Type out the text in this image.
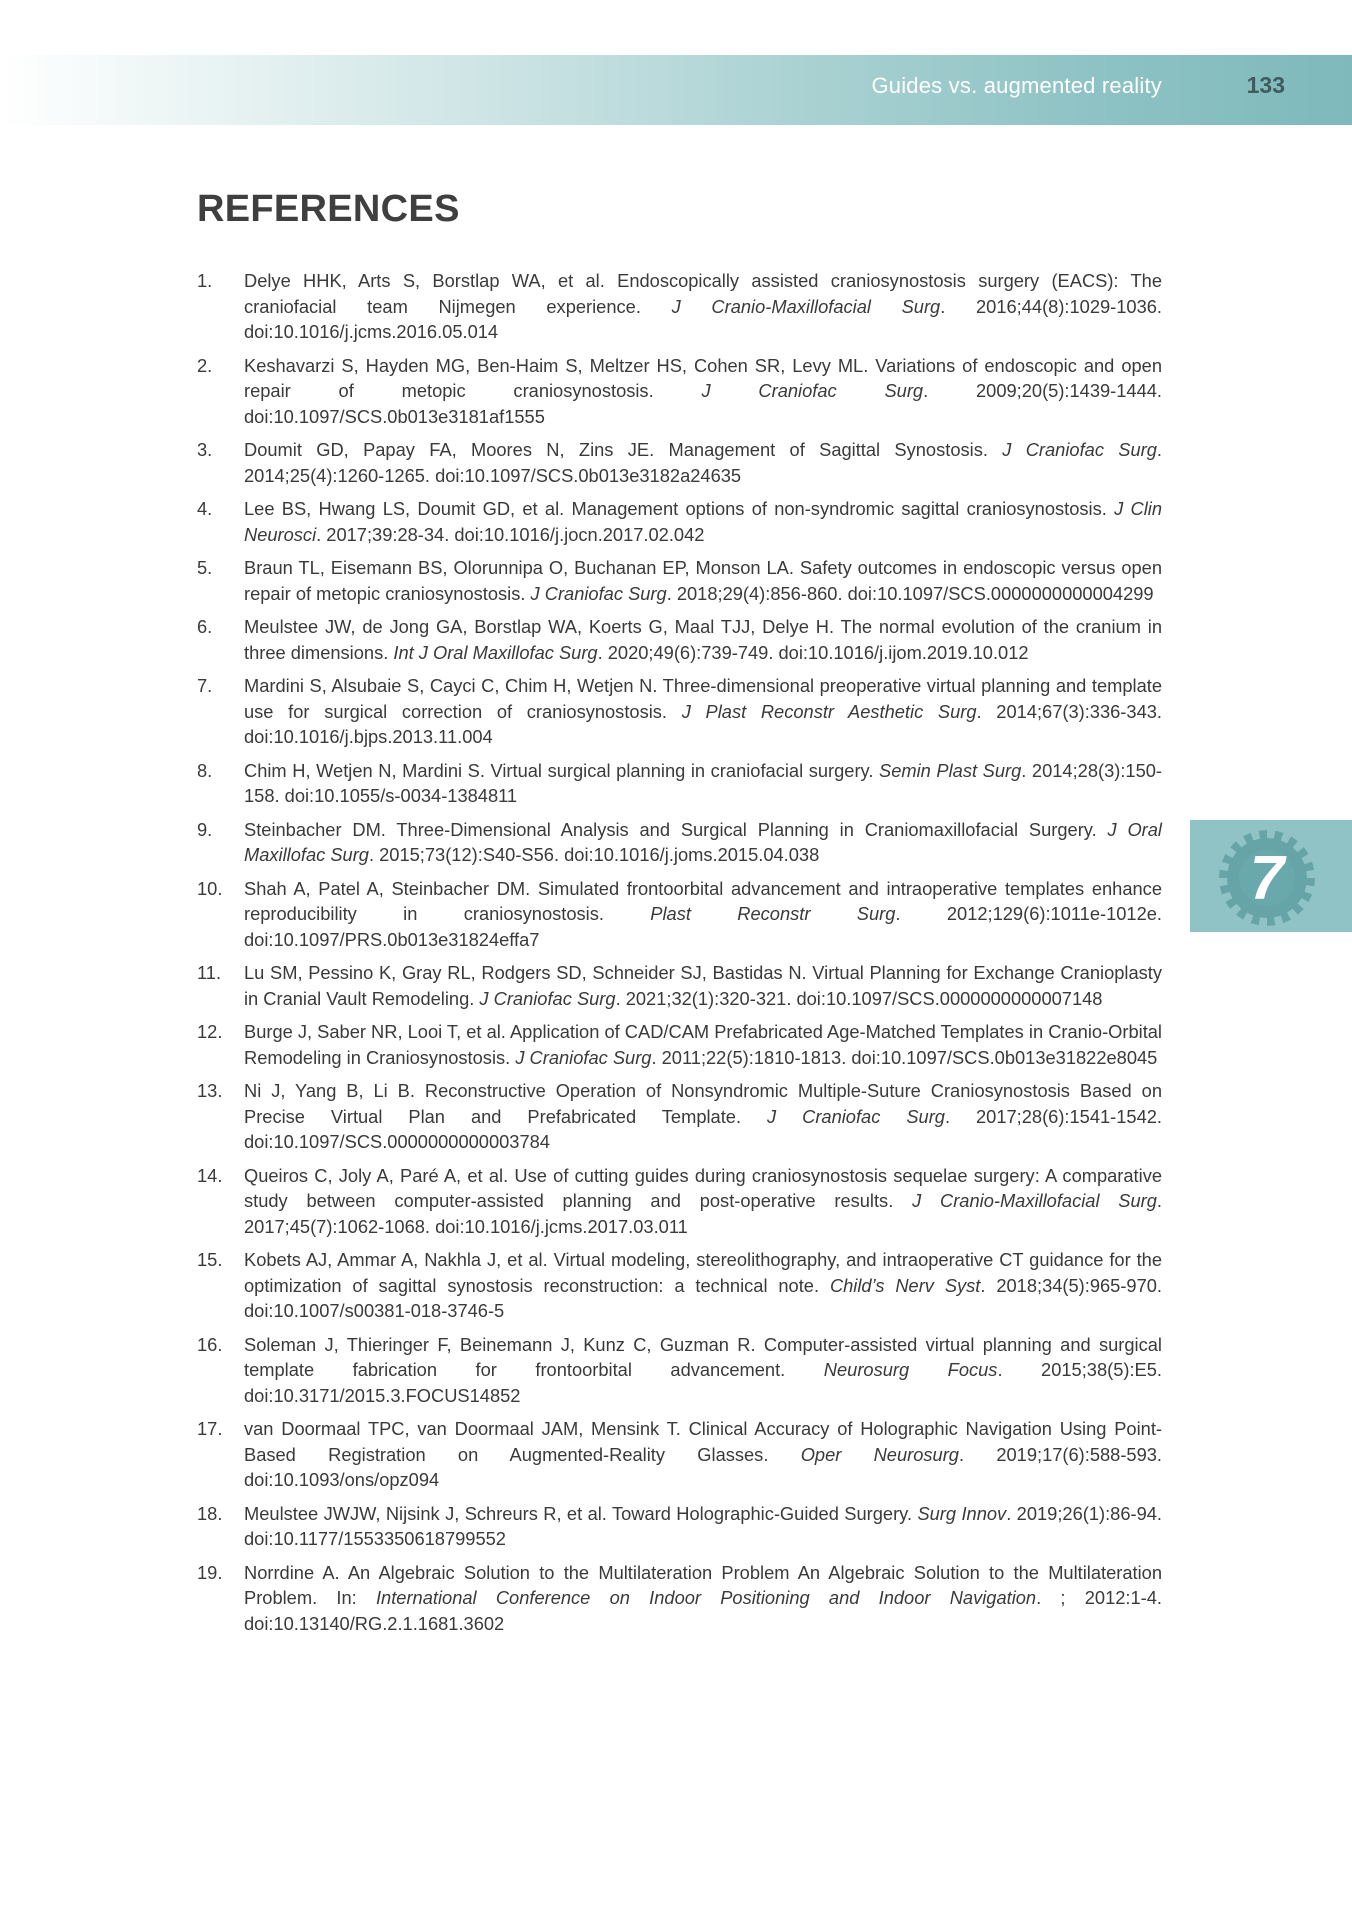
Guides vs. augmented reality	133
REFERENCES
1. Delye HHK, Arts S, Borstlap WA, et al. Endoscopically assisted craniosynostosis surgery (EACS): The craniofacial team Nijmegen experience. J Cranio-Maxillofacial Surg. 2016;44(8):1029-1036. doi:10.1016/j.jcms.2016.05.014
2. Keshavarzi S, Hayden MG, Ben-Haim S, Meltzer HS, Cohen SR, Levy ML. Variations of endoscopic and open repair of metopic craniosynostosis. J Craniofac Surg. 2009;20(5):1439-1444. doi:10.1097/SCS.0b013e3181af1555
3. Doumit GD, Papay FA, Moores N, Zins JE. Management of Sagittal Synostosis. J Craniofac Surg. 2014;25(4):1260-1265. doi:10.1097/SCS.0b013e3182a24635
4. Lee BS, Hwang LS, Doumit GD, et al. Management options of non-syndromic sagittal craniosynostosis. J Clin Neurosci. 2017;39:28-34. doi:10.1016/j.jocn.2017.02.042
5. Braun TL, Eisemann BS, Olorunnipa O, Buchanan EP, Monson LA. Safety outcomes in endoscopic versus open repair of metopic craniosynostosis. J Craniofac Surg. 2018;29(4):856-860. doi:10.1097/SCS.0000000000004299
6. Meulstee JW, de Jong GA, Borstlap WA, Koerts G, Maal TJJ, Delye H. The normal evolution of the cranium in three dimensions. Int J Oral Maxillofac Surg. 2020;49(6):739-749. doi:10.1016/j.ijom.2019.10.012
7. Mardini S, Alsubaie S, Cayci C, Chim H, Wetjen N. Three-dimensional preoperative virtual planning and template use for surgical correction of craniosynostosis. J Plast Reconstr Aesthetic Surg. 2014;67(3):336-343. doi:10.1016/j.bjps.2013.11.004
8. Chim H, Wetjen N, Mardini S. Virtual surgical planning in craniofacial surgery. Semin Plast Surg. 2014;28(3):150-158. doi:10.1055/s-0034-1384811
9. Steinbacher DM. Three-Dimensional Analysis and Surgical Planning in Craniomaxillofacial Surgery. J Oral Maxillofac Surg. 2015;73(12):S40-S56. doi:10.1016/j.joms.2015.04.038
10. Shah A, Patel A, Steinbacher DM. Simulated frontoorbital advancement and intraoperative templates enhance reproducibility in craniosynostosis. Plast Reconstr Surg. 2012;129(6):1011e-1012e. doi:10.1097/PRS.0b013e31824effa7
11. Lu SM, Pessino K, Gray RL, Rodgers SD, Schneider SJ, Bastidas N. Virtual Planning for Exchange Cranioplasty in Cranial Vault Remodeling. J Craniofac Surg. 2021;32(1):320-321. doi:10.1097/SCS.0000000000007148
12. Burge J, Saber NR, Looi T, et al. Application of CAD/CAM Prefabricated Age-Matched Templates in Cranio-Orbital Remodeling in Craniosynostosis. J Craniofac Surg. 2011;22(5):1810-1813. doi:10.1097/SCS.0b013e31822e8045
13. Ni J, Yang B, Li B. Reconstructive Operation of Nonsyndromic Multiple-Suture Craniosynostosis Based on Precise Virtual Plan and Prefabricated Template. J Craniofac Surg. 2017;28(6):1541-1542. doi:10.1097/SCS.0000000000003784
14. Queiros C, Joly A, Paré A, et al. Use of cutting guides during craniosynostosis sequelae surgery: A comparative study between computer-assisted planning and post-operative results. J Cranio-Maxillofacial Surg. 2017;45(7):1062-1068. doi:10.1016/j.jcms.2017.03.011
15. Kobets AJ, Ammar A, Nakhla J, et al. Virtual modeling, stereolithography, and intraoperative CT guidance for the optimization of sagittal synostosis reconstruction: a technical note. Child’s Nerv Syst. 2018;34(5):965-970. doi:10.1007/s00381-018-3746-5
16. Soleman J, Thieringer F, Beinemann J, Kunz C, Guzman R. Computer-assisted virtual planning and surgical template fabrication for frontoorbital advancement. Neurosurg Focus. 2015;38(5):E5. doi:10.3171/2015.3.FOCUS14852
17. van Doormaal TPC, van Doormaal JAM, Mensink T. Clinical Accuracy of Holographic Navigation Using Point-Based Registration on Augmented-Reality Glasses. Oper Neurosurg. 2019;17(6):588-593. doi:10.1093/ons/opz094
18. Meulstee JWJW, Nijsink J, Schreurs R, et al. Toward Holographic-Guided Surgery. Surg Innov. 2019;26(1):86-94. doi:10.1177/1553350618799552
19. Norrdine A. An Algebraic Solution to the Multilateration Problem An Algebraic Solution to the Multilateration Problem. In: International Conference on Indoor Positioning and Indoor Navigation. ; 2012:1-4. doi:10.13140/RG.2.1.1681.3602
7
